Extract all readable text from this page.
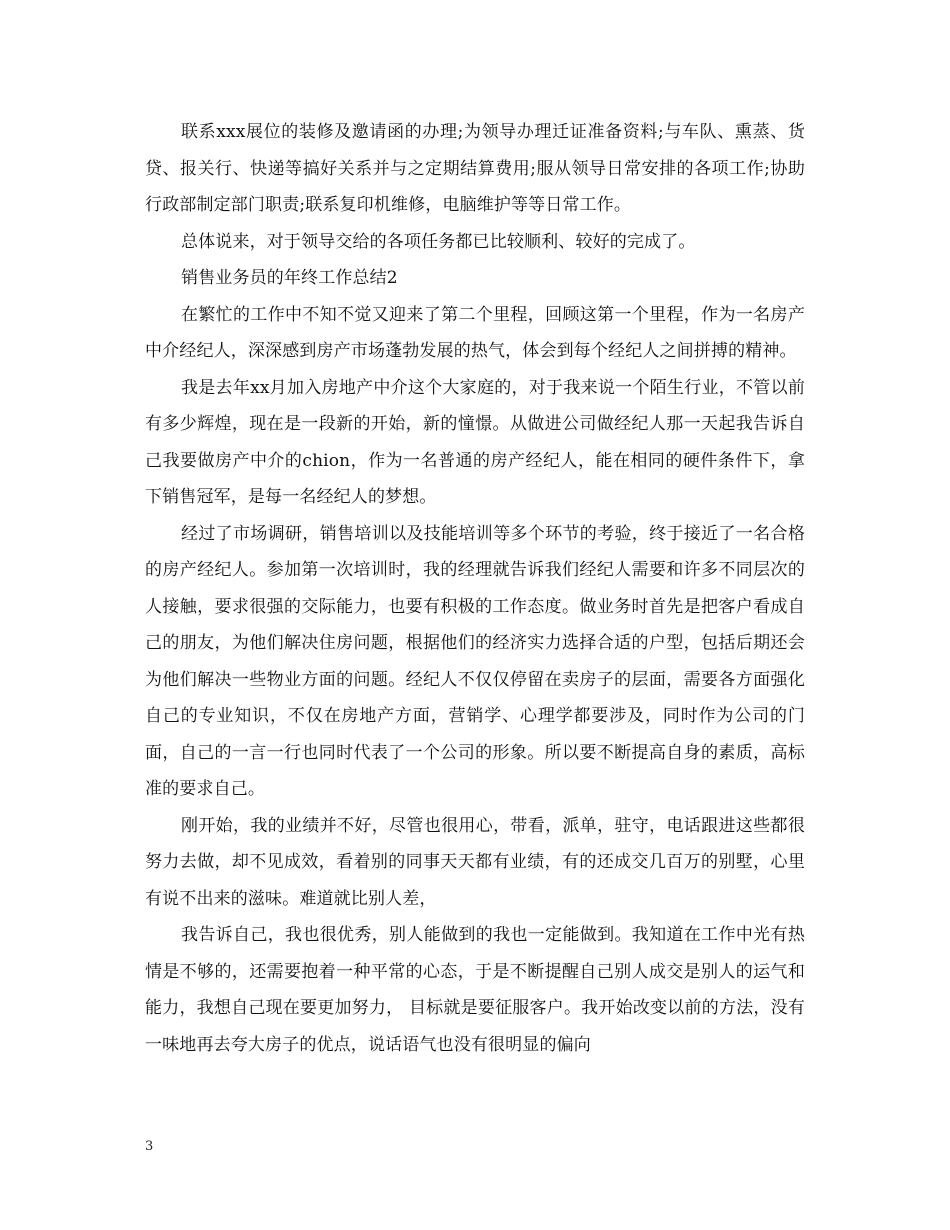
联系xxx展位的装修及邀请函的办理;为领导办理迁证准备资料;与车队、熏蒸、货贷、报关行、快递等搞好关系并与之定期结算费用;服从领导日常安排的各项工作;协助行政部制定部门职责;联系复印机维修，电脑维护等等日常工作。

总体说来，对于领导交给的各项任务都已比较顺利、较好的完成了。

销售业务员的年终工作总结2

在繁忙的工作中不知不觉又迎来了第二个里程，回顾这第一个里程，作为一名房产中介经纪人，深深感到房产市场蓬勃发展的热气，体会到每个经纪人之间拼搏的精神。

我是去年xx月加入房地产中介这个大家庭的，对于我来说一个陌生行业，不管以前有多少辉煌，现在是一段新的开始，新的憧憬。从做进公司做经纪人那一天起我告诉自己我要做房产中介的chion，作为一名普通的房产经纪人，能在相同的硬件条件下，拿下销售冠军，是每一名经纪人的梦想。

经过了市场调研，销售培训以及技能培训等多个环节的考验，终于接近了一名合格的房产经纪人。参加第一次培训时，我的经理就告诉我们经纪人需要和许多不同层次的人接触，要求很强的交际能力，也要有积极的工作态度。做业务时首先是把客户看成自己的朋友，为他们解决住房问题，根据他们的经济实力选择合适的户型，包括后期还会为他们解决一些物业方面的问题。经纪人不仅仅停留在卖房子的层面，需要各方面强化自己的专业知识，不仅在房地产方面，营销学、心理学都要涉及，同时作为公司的门面，自己的一言一行也同时代表了一个公司的形象。所以要不断提高自身的素质，高标准的要求自己。

刚开始，我的业绩并不好，尽管也很用心，带看，派单，驻守，电话跟进这些都很努力去做，却不见成效，看着别的同事天天都有业绩，有的还成交几百万的别墅，心里有说不出来的滋味。难道就比别人差，

我告诉自己，我也很优秀，别人能做到的我也一定能做到。我知道在工作中光有热情是不够的，还需要抱着一种平常的心态，于是不断提醒自己别人成交是别人的运气和能力，我想自己现在要更加努力， 目标就是要征服客户。我开始改变以前的方法，没有一味地再去夸大房子的优点，说话语气也没有很明显的偏向

3
